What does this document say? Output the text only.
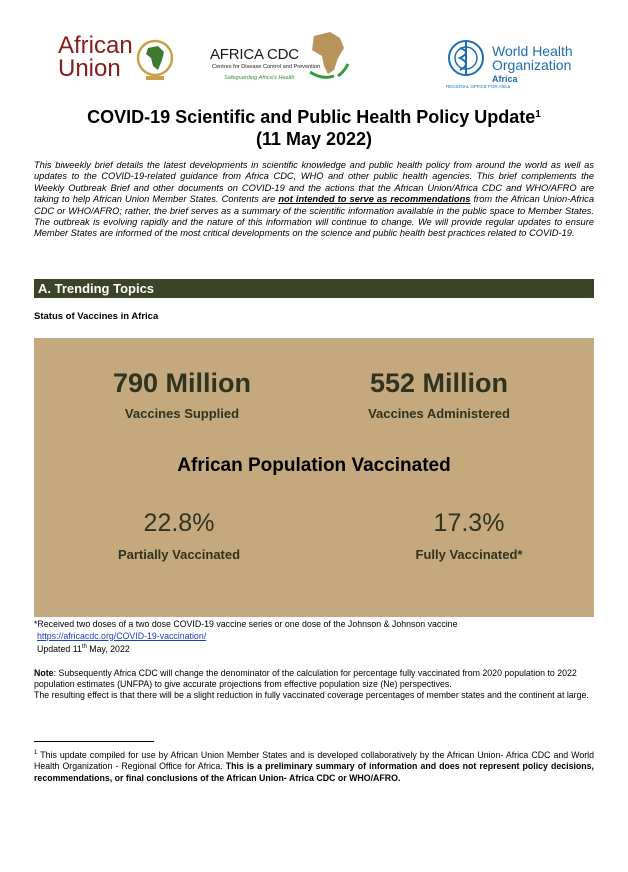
African
Union
AFRICA CDC
Centres for Disease Control and Prevention
Safeguarding Africa's Health
World Health
Organization
Africa
REGIONAL OFFICE FOR Africa
COVID-19 Scientific and Public Health Policy Update$^1$
(11 May 2022)
This biweekly brief details the latest developments in scientific knowledge and public health policy from around the world as well as updates to the COVID-19-related guidance from Africa CDC, WHO and other public health agencies. This brief complements the Weekly Outbreak Brief and other documents on COVID-19 and the actions that the African Union/Africa CDC and WHO/AFRO are taking to help African Union Member States. Contents are not intended to serve as recommendations from the African Union-Africa CDC or WHO/AFRO; rather, the brief serves as a summary of the scientific information available in the public space to Member States. The outbreak is evolving rapidly and the nature of this information will continue to change. We will provide regular updates to ensure Member States are informed of the most critical developments on the science and public health best practices related to COVID-19.
A. Trending Topics
Status of Vaccines in Africa
790 Million
Vaccines Supplied
552 Million
Vaccines Administered
African Population Vaccinated
22.8%
Partially Vaccinated
17.3%
Fully Vaccinated*
*Received two doses of a two dose COVID-19 vaccine series or one dose of the Johnson & Johnson vaccine
https://africacdc.org/COVID-19-vaccination/
Updated 11th May, 2022
Note: Subsequently Africa CDC will change the denominator of the calculation for percentage fully vaccinated from 2020 population to 2022 population estimates (UNFPA) to give accurate projections from effective population size (Ne) perspectives.
The resulting effect is that there will be a slight reduction in fully vaccinated coverage percentages of member states and the continent at large.
$^1$ This update compiled for use by African Union Member States and is developed collaboratively by the African Union- Africa CDC and World Health Organization - Regional Office for Africa. This is a preliminary summary of information and does not represent policy decisions, recommendations, or final conclusions of the African Union- Africa CDC or WHO/AFRO.
